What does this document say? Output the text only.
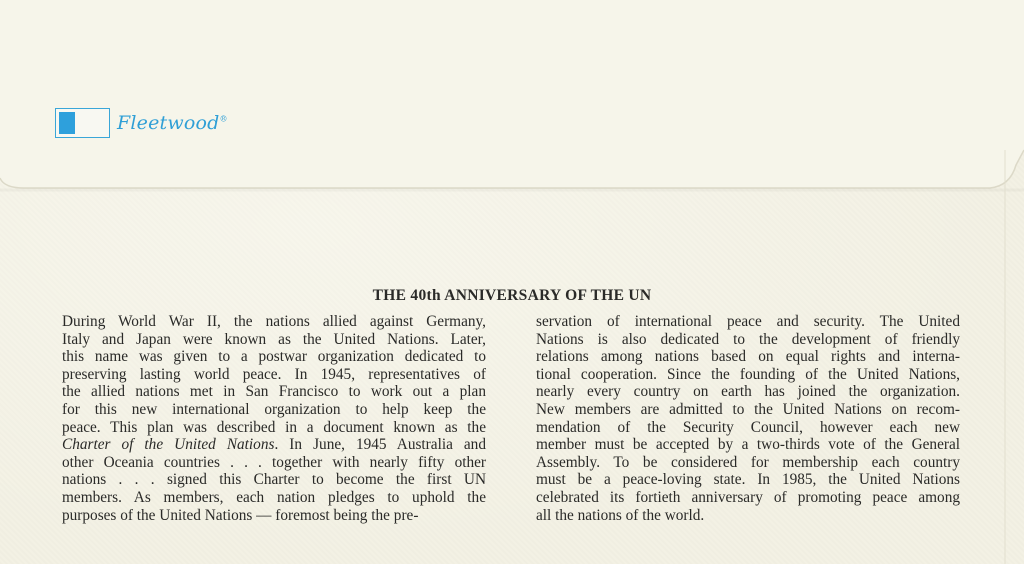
Fleetwood®
THE 40th ANNIVERSARY OF THE UN
During World War II, the nations allied against Germany,
Italy and Japan were known as the United Nations. Later,
this name was given to a postwar organization dedicated to
preserving lasting world peace. In 1945, representatives of
the allied nations met in San Francisco to work out a plan
for this new international organization to help keep the
peace. This plan was described in a document known as the
Charter of the United Nations. In June, 1945 Australia and
other Oceania countries . . . together with nearly fifty other
nations . . . signed this Charter to become the first UN
members. As members, each nation pledges to uphold the
purposes of the United Nations — foremost being the pre-
servation of international peace and security. The United
Nations is also dedicated to the development of friendly
relations among nations based on equal rights and interna-
tional cooperation. Since the founding of the United Nations,
nearly every country on earth has joined the organization.
New members are admitted to the United Nations on recom-
mendation of the Security Council, however each new
member must be accepted by a two-thirds vote of the General
Assembly. To be considered for membership each country
must be a peace-loving state. In 1985, the United Nations
celebrated its fortieth anniversary of promoting peace among
all the nations of the world.
